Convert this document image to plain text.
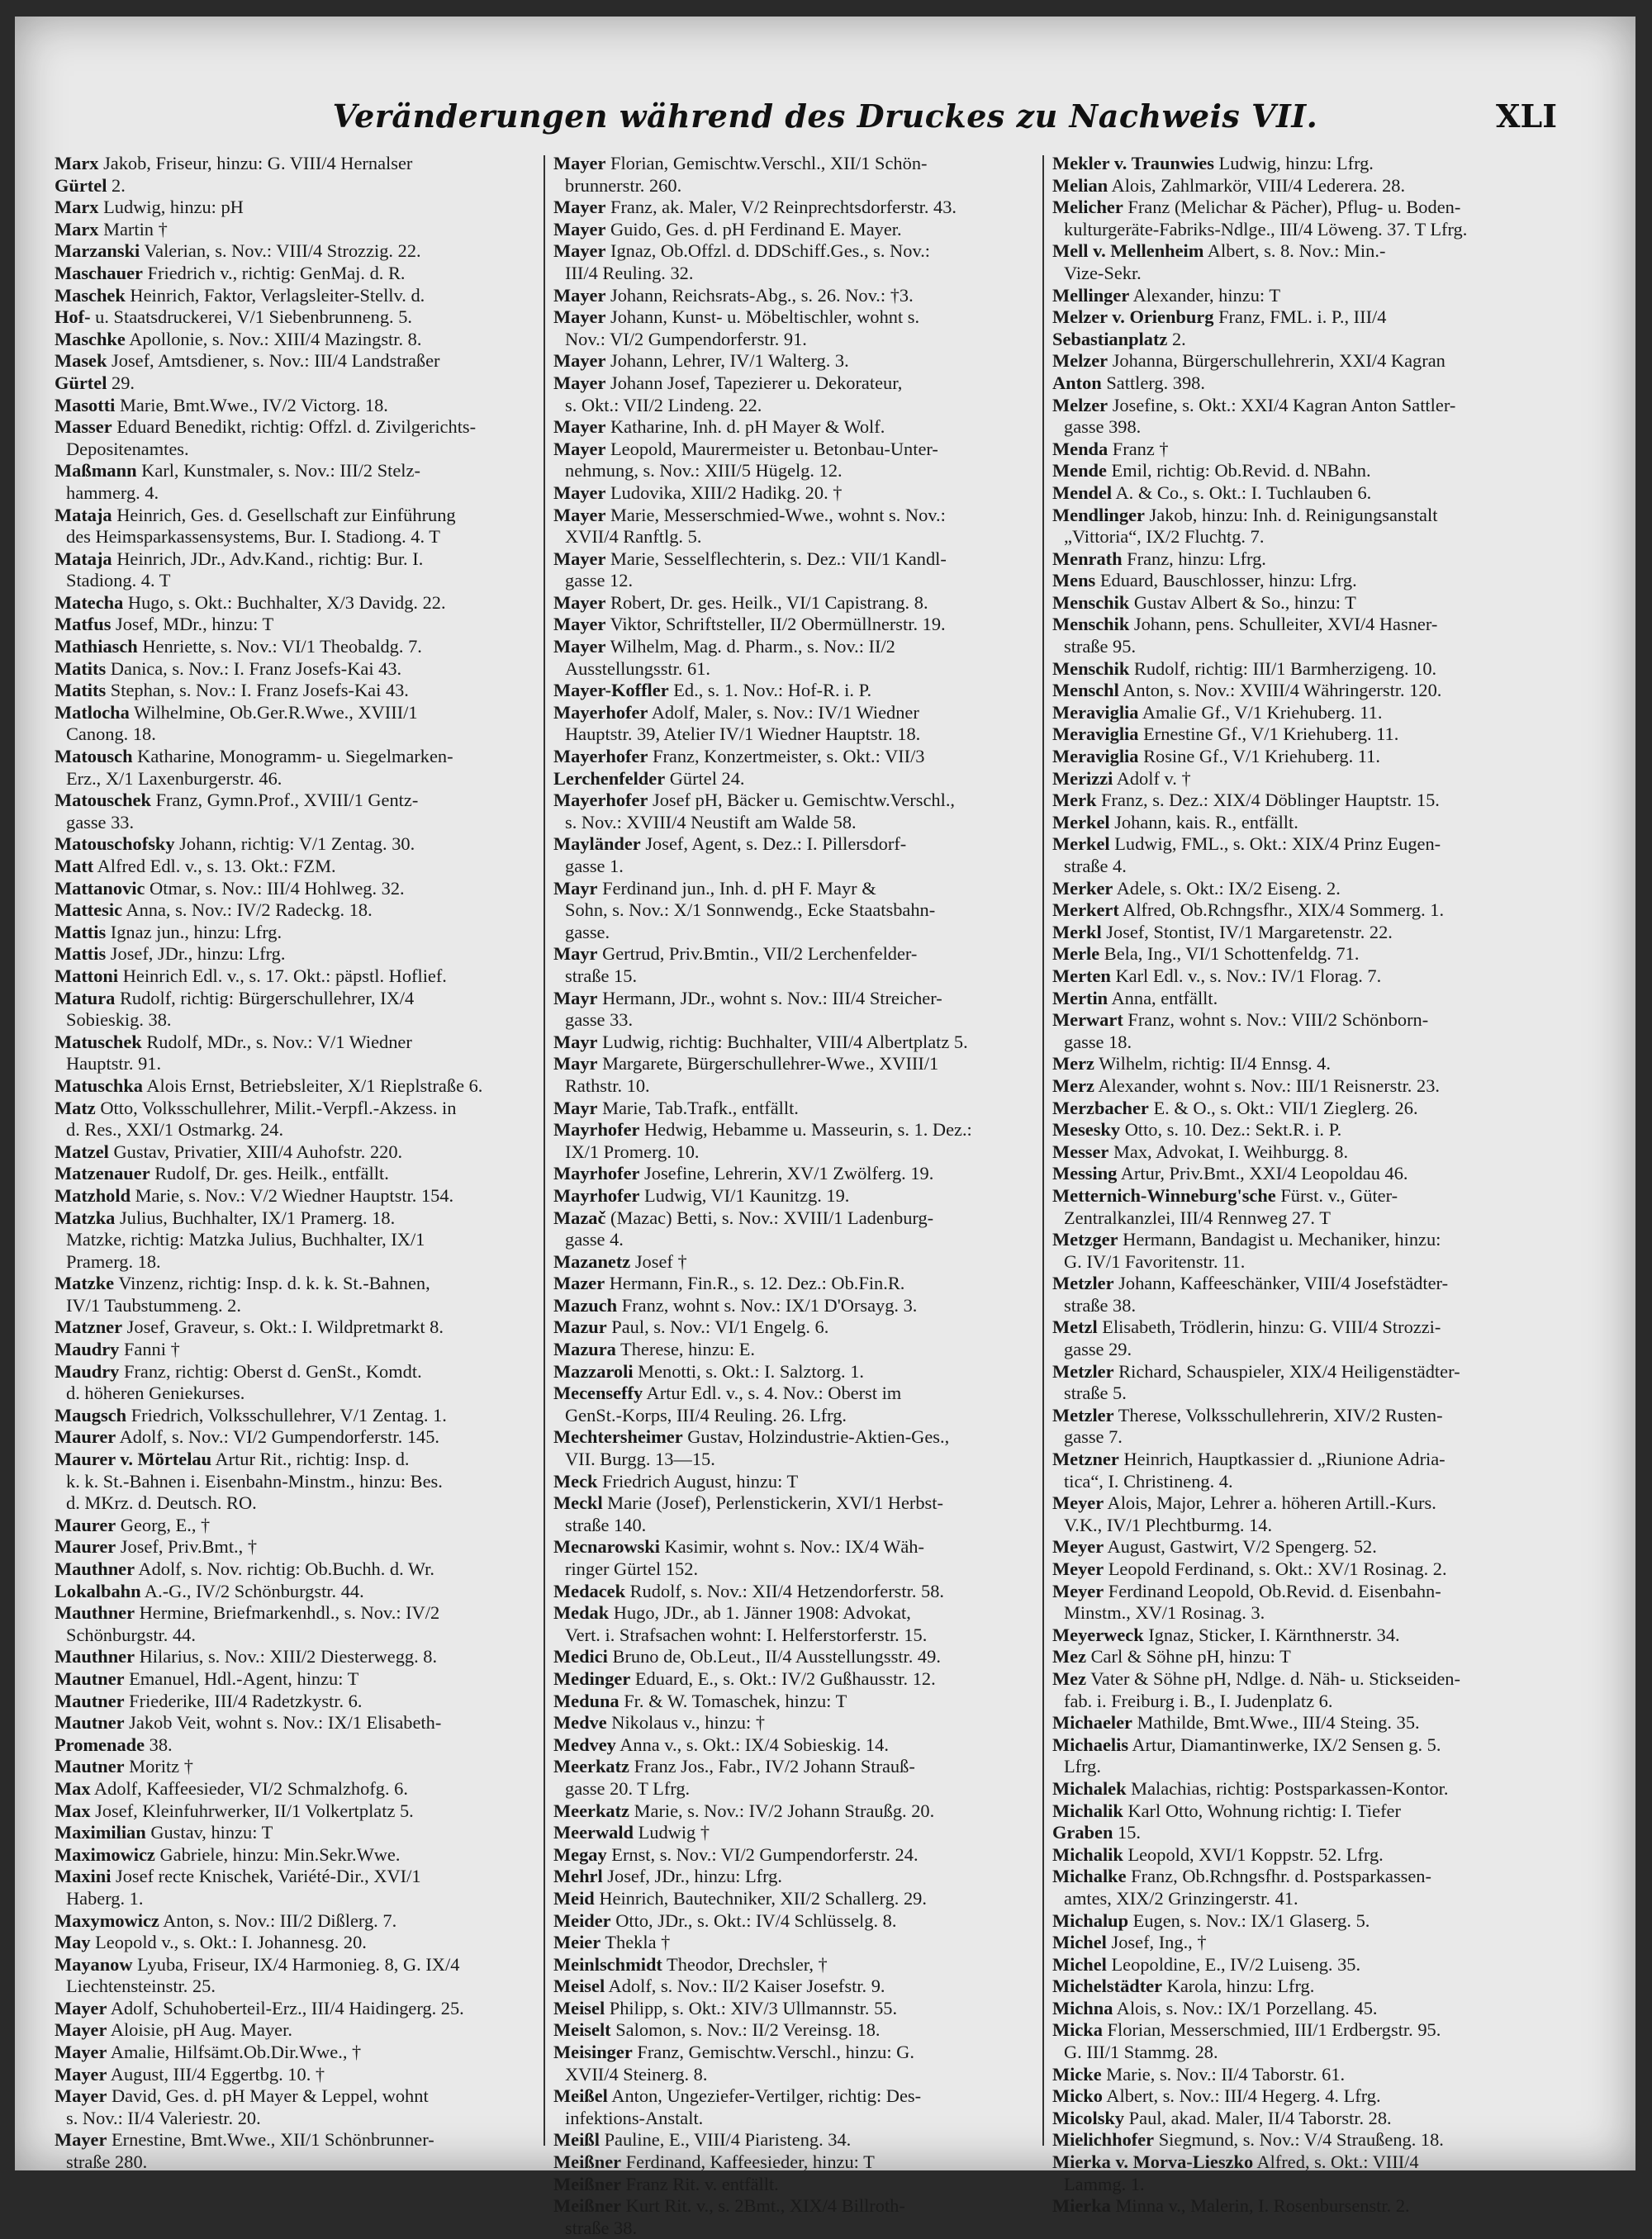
Veränderungen während des Druckes zu Nachweis VII.	XLI
Marx Jakob, Friseur, hinzu: G. VIII/4 Hernalser
Gürtel 2.
Marx Ludwig, hinzu: pH
Marx Martin †
Marzanski Valerian, s. Nov.: VIII/4 Strozzig. 22.
Maschauer Friedrich v., richtig: GenMaj. d. R.
Maschek Heinrich, Faktor, Verlagsleiter-Stellv. d.
Hof- u. Staatsdruckerei, V/1 Siebenbrunneng. 5.
Maschke Apollonie, s. Nov.: XIII/4 Mazingstr. 8.
Masek Josef, Amtsdiener, s. Nov.: III/4 Landstraßer
Gürtel 29.
Masotti Marie, Bmt.Wwe., IV/2 Victorg. 18.
Masser Eduard Benedikt, richtig: Offzl. d. Zivilgerichts-
Depositenamtes.
Maßmann Karl, Kunstmaler, s. Nov.: III/2 Stelz-
hammerg. 4.
Mataja Heinrich, Ges. d. Gesellschaft zur Einführung
des Heimsparkassensystems, Bur. I. Stadiong. 4. T
Mataja Heinrich, JDr., Adv.Kand., richtig: Bur. I.
Stadiong. 4. T
Matecha Hugo, s. Okt.: Buchhalter, X/3 Davidg. 22.
Matfus Josef, MDr., hinzu: T
Mathiasch Henriette, s. Nov.: VI/1 Theobaldg. 7.
Matits Danica, s. Nov.: I. Franz Josefs-Kai 43.
Matits Stephan, s. Nov.: I. Franz Josefs-Kai 43.
Matlocha Wilhelmine, Ob.Ger.R.Wwe., XVIII/1
Canong. 18.
Matousch Katharine, Monogramm- u. Siegelmarken-
Erz., X/1 Laxenburgerstr. 46.
Matouschek Franz, Gymn.Prof., XVIII/1 Gentz-
gasse 33.
Matouschofsky Johann, richtig: V/1 Zentag. 30.
Matt Alfred Edl. v., s. 13. Okt.: FZM.
Mattanovic Otmar, s. Nov.: III/4 Hohlweg. 32.
Mattesic Anna, s. Nov.: IV/2 Radeckg. 18.
Mattis Ignaz jun., hinzu: Lfrg.
Mattis Josef, JDr., hinzu: Lfrg.
Mattoni Heinrich Edl. v., s. 17. Okt.: päpstl. Hoflief.
Matura Rudolf, richtig: Bürgerschullehrer, IX/4
Sobieskig. 38.
Matuschek Rudolf, MDr., s. Nov.: V/1 Wiedner
Hauptstr. 91.
Matuschka Alois Ernst, Betriebsleiter, X/1 Rieplstraße 6.
Matz Otto, Volksschullehrer, Milit.-Verpfl.-Akzess. in
d. Res., XXI/1 Ostmarkg. 24.
Matzel Gustav, Privatier, XIII/4 Auhofstr. 220.
Matzenauer Rudolf, Dr. ges. Heilk., entfällt.
Matzhold Marie, s. Nov.: V/2 Wiedner Hauptstr. 154.
Matzka Julius, Buchhalter, IX/1 Pramerg. 18.
Matzke, richtig: Matzka Julius, Buchhalter, IX/1
Pramerg. 18.
Matzke Vinzenz, richtig: Insp. d. k. k. St.-Bahnen,
IV/1 Taubstummeng. 2.
Matzner Josef, Graveur, s. Okt.: I. Wildpretmarkt 8.
Maudry Fanni †
Maudry Franz, richtig: Oberst d. GenSt., Komdt.
d. höheren Geniekurses.
Maugsch Friedrich, Volksschullehrer, V/1 Zentag. 1.
Maurer Adolf, s. Nov.: VI/2 Gumpendorferstr. 145.
Maurer v. Mörtelau Artur Rit., richtig: Insp. d.
k. k. St.-Bahnen i. Eisenbahn-Minstm., hinzu: Bes.
d. MKrz. d. Deutsch. RO.
Maurer Georg, E., †
Maurer Josef, Priv.Bmt., †
Mauthner Adolf, s. Nov. richtig: Ob.Buchh. d. Wr.
Lokalbahn A.-G., IV/2 Schönburgstr. 44.
Mauthner Hermine, Briefmarkenhdl., s. Nov.: IV/2
Schönburgstr. 44.
Mauthner Hilarius, s. Nov.: XIII/2 Diesterwegg. 8.
Mautner Emanuel, Hdl.-Agent, hinzu: T
Mautner Friederike, III/4 Radetzkystr. 6.
Mautner Jakob Veit, wohnt s. Nov.: IX/1 Elisabeth-
Promenade 38.
Mautner Moritz †
Max Adolf, Kaffeesieder, VI/2 Schmalzhofg. 6.
Max Josef, Kleinfuhrwerker, II/1 Volkertplatz 5.
Maximilian Gustav, hinzu: T
Maximowicz Gabriele, hinzu: Min.Sekr.Wwe.
Maxini Josef recte Knischek, Variété-Dir., XVI/1
Haberg. 1.
Maxymowicz Anton, s. Nov.: III/2 Dißlerg. 7.
May Leopold v., s. Okt.: I. Johannesg. 20.
Mayanow Lyuba, Friseur, IX/4 Harmonieg. 8, G. IX/4
Liechtensteinstr. 25.
Mayer Adolf, Schuhoberteil-Erz., III/4 Haidingerg. 25.
Mayer Aloisie, pH Aug. Mayer.
Mayer Amalie, Hilfsämt.Ob.Dir.Wwe., †
Mayer August, III/4 Eggertbg. 10. †
Mayer David, Ges. d. pH Mayer & Leppel, wohnt
s. Nov.: II/4 Valeriestr. 20.
Mayer Ernestine, Bmt.Wwe., XII/1 Schönbrunner-
straße 280.
Mayer Florian, Gemischtw.Verschl., XII/1 Schön-
brunnerstr. 260.
Mayer Franz, ak. Maler, V/2 Reinprechtsdorferstr. 43.
Mayer Guido, Ges. d. pH Ferdinand E. Mayer.
Mayer Ignaz, Ob.Offzl. d. DDSchiff.Ges., s. Nov.:
III/4 Reuling. 32.
Mayer Johann, Reichsrats-Abg., s. 26. Nov.: †3.
Mayer Johann, Kunst- u. Möbeltischler, wohnt s.
Nov.: VI/2 Gumpendorferstr. 91.
Mayer Johann, Lehrer, IV/1 Walterg. 3.
Mayer Johann Josef, Tapezierer u. Dekorateur,
s. Okt.: VII/2 Lindeng. 22.
Mayer Katharine, Inh. d. pH Mayer & Wolf.
Mayer Leopold, Maurermeister u. Betonbau-Unter-
nehmung, s. Nov.: XIII/5 Hügelg. 12.
Mayer Ludovika, XIII/2 Hadikg. 20. †
Mayer Marie, Messerschmied-Wwe., wohnt s. Nov.:
XVII/4 Ranftlg. 5.
Mayer Marie, Sesselflechterin, s. Dez.: VII/1 Kandl-
gasse 12.
Mayer Robert, Dr. ges. Heilk., VI/1 Capistrang. 8.
Mayer Viktor, Schriftsteller, II/2 Obermüllnerstr. 19.
Mayer Wilhelm, Mag. d. Pharm., s. Nov.: II/2
Ausstellungsstr. 61.
Mayer-Koffler Ed., s. 1. Nov.: Hof-R. i. P.
Mayerhofer Adolf, Maler, s. Nov.: IV/1 Wiedner
Hauptstr. 39, Atelier IV/1 Wiedner Hauptstr. 18.
Mayerhofer Franz, Konzertmeister, s. Okt.: VII/3
Lerchenfelder Gürtel 24.
Mayerhofer Josef pH, Bäcker u. Gemischtw.Verschl.,
s. Nov.: XVIII/4 Neustift am Walde 58.
Mayländer Josef, Agent, s. Dez.: I. Pillersdorf-
gasse 1.
Mayr Ferdinand jun., Inh. d. pH F. Mayr &
Sohn, s. Nov.: X/1 Sonnwendg., Ecke Staatsbahn-
gasse.
Mayr Gertrud, Priv.Bmtin., VII/2 Lerchenfelder-
straße 15.
Mayr Hermann, JDr., wohnt s. Nov.: III/4 Streicher-
gasse 33.
Mayr Ludwig, richtig: Buchhalter, VIII/4 Albertplatz 5.
Mayr Margarete, Bürgerschullehrer-Wwe., XVIII/1
Rathstr. 10.
Mayr Marie, Tab.Trafk., entfällt.
Mayrhofer Hedwig, Hebamme u. Masseurin, s. 1. Dez.:
IX/1 Promerg. 10.
Mayrhofer Josefine, Lehrerin, XV/1 Zwölferg. 19.
Mayrhofer Ludwig, VI/1 Kaunitzg. 19.
Mazač (Mazac) Betti, s. Nov.: XVIII/1 Ladenburg-
gasse 4.
Mazanetz Josef †
Mazer Hermann, Fin.R., s. 12. Dez.: Ob.Fin.R.
Mazuch Franz, wohnt s. Nov.: IX/1 D'Orsayg. 3.
Mazur Paul, s. Nov.: VI/1 Engelg. 6.
Mazura Therese, hinzu: E.
Mazzaroli Menotti, s. Okt.: I. Salztorg. 1.
Mecenseffy Artur Edl. v., s. 4. Nov.: Oberst im
GenSt.-Korps, III/4 Reuling. 26. Lfrg.
Mechtersheimer Gustav, Holzindustrie-Aktien-Ges.,
VII. Burgg. 13—15.
Meck Friedrich August, hinzu: T
Meckl Marie (Josef), Perlenstickerin, XVI/1 Herbst-
straße 140.
Mecnarowski Kasimir, wohnt s. Nov.: IX/4 Wäh-
ringer Gürtel 152.
Medacek Rudolf, s. Nov.: XII/4 Hetzendorferstr. 58.
Medak Hugo, JDr., ab 1. Jänner 1908: Advokat,
Vert. i. Strafsachen wohnt: I. Helferstorferstr. 15.
Medici Bruno de, Ob.Leut., II/4 Ausstellungsstr. 49.
Medinger Eduard, E., s. Okt.: IV/2 Gußhausstr. 12.
Meduna Fr. & W. Tomaschek, hinzu: T
Medve Nikolaus v., hinzu: †
Medvey Anna v., s. Okt.: IX/4 Sobieskig. 14.
Meerkatz Franz Jos., Fabr., IV/2 Johann Strauß-
gasse 20. T Lfrg.
Meerkatz Marie, s. Nov.: IV/2 Johann Straußg. 20.
Meerwald Ludwig †
Megay Ernst, s. Nov.: VI/2 Gumpendorferstr. 24.
Mehrl Josef, JDr., hinzu: Lfrg.
Meid Heinrich, Bautechniker, XII/2 Schallerg. 29.
Meider Otto, JDr., s. Okt.: IV/4 Schlüsselg. 8.
Meier Thekla †
Meinlschmidt Theodor, Drechsler, †
Meisel Adolf, s. Nov.: II/2 Kaiser Josefstr. 9.
Meisel Philipp, s. Okt.: XIV/3 Ullmannstr. 55.
Meiselt Salomon, s. Nov.: II/2 Vereinsg. 18.
Meisinger Franz, Gemischtw.Verschl., hinzu: G.
XVII/4 Steinerg. 8.
Meißel Anton, Ungeziefer-Vertilger, richtig: Des-
infektions-Anstalt.
Meißl Pauline, E., VIII/4 Piaristeng. 34.
Meißner Ferdinand, Kaffeesieder, hinzu: T
Meißner Franz Rit. v. entfällt.
Meißner Kurt Rit. v., s. 2Bmt., XIX/4 Billroth-
straße 38.
Mekler v. Traunwies Ludwig, hinzu: Lfrg.
Melian Alois, Zahlmarkör, VIII/4 Lederera. 28.
Melicher Franz (Melichar & Pächer), Pflug- u. Boden-
kulturgeräte-Fabriks-Ndlge., III/4 Löweng. 37. T Lfrg.
Mell v. Mellenheim Albert, s. 8. Nov.: Min.-
Vize-Sekr.
Mellinger Alexander, hinzu: T
Melzer v. Orienburg Franz, FML. i. P., III/4
Sebastianplatz 2.
Melzer Johanna, Bürgerschullehrerin, XXI/4 Kagran
Anton Sattlerg. 398.
Melzer Josefine, s. Okt.: XXI/4 Kagran Anton Sattler-
gasse 398.
Menda Franz †
Mende Emil, richtig: Ob.Revid. d. NBahn.
Mendel A. & Co., s. Okt.: I. Tuchlauben 6.
Mendlinger Jakob, hinzu: Inh. d. Reinigungsanstalt
„Vittoria“, IX/2 Fluchtg. 7.
Menrath Franz, hinzu: Lfrg.
Mens Eduard, Bauschlosser, hinzu: Lfrg.
Menschik Gustav Albert & So., hinzu: T
Menschik Johann, pens. Schulleiter, XVI/4 Hasner-
straße 95.
Menschik Rudolf, richtig: III/1 Barmherzigeng. 10.
Menschl Anton, s. Nov.: XVIII/4 Währingerstr. 120.
Meraviglia Amalie Gf., V/1 Kriehuberg. 11.
Meraviglia Ernestine Gf., V/1 Kriehuberg. 11.
Meraviglia Rosine Gf., V/1 Kriehuberg. 11.
Merizzi Adolf v. †
Merk Franz, s. Dez.: XIX/4 Döblinger Hauptstr. 15.
Merkel Johann, kais. R., entfällt.
Merkel Ludwig, FML., s. Okt.: XIX/4 Prinz Eugen-
straße 4.
Merker Adele, s. Okt.: IX/2 Eiseng. 2.
Merkert Alfred, Ob.Rchngsfhr., XIX/4 Sommerg. 1.
Merkl Josef, Stontist, IV/1 Margaretenstr. 22.
Merle Bela, Ing., VI/1 Schottenfeldg. 71.
Merten Karl Edl. v., s. Nov.: IV/1 Florag. 7.
Mertin Anna, entfällt.
Merwart Franz, wohnt s. Nov.: VIII/2 Schönborn-
gasse 18.
Merz Wilhelm, richtig: II/4 Ennsg. 4.
Merz Alexander, wohnt s. Nov.: III/1 Reisnerstr. 23.
Merzbacher E. & O., s. Okt.: VII/1 Zieglerg. 26.
Mesesky Otto, s. 10. Dez.: Sekt.R. i. P.
Messer Max, Advokat, I. Weihburgg. 8.
Messing Artur, Priv.Bmt., XXI/4 Leopoldau 46.
Metternich-Winneburg'sche Fürst. v., Güter-
Zentralkanzlei, III/4 Rennweg 27. T
Metzger Hermann, Bandagist u. Mechaniker, hinzu:
G. IV/1 Favoritenstr. 11.
Metzler Johann, Kaffeeschänker, VIII/4 Josefstädter-
straße 38.
Metzl Elisabeth, Trödlerin, hinzu: G. VIII/4 Strozzi-
gasse 29.
Metzler Richard, Schauspieler, XIX/4 Heiligenstädter-
straße 5.
Metzler Therese, Volksschullehrerin, XIV/2 Rusten-
gasse 7.
Metzner Heinrich, Hauptkassier d. „Riunione Adria-
tica“, I. Christineng. 4.
Meyer Alois, Major, Lehrer a. höheren Artill.-Kurs.
V.K., IV/1 Plechtburmg. 14.
Meyer August, Gastwirt, V/2 Spengerg. 52.
Meyer Leopold Ferdinand, s. Okt.: XV/1 Rosinag. 2.
Meyer Ferdinand Leopold, Ob.Revid. d. Eisenbahn-
Minstm., XV/1 Rosinag. 3.
Meyerweck Ignaz, Sticker, I. Kärnthnerstr. 34.
Mez Carl & Söhne pH, hinzu: T
Mez Vater & Söhne pH, Ndlge. d. Näh- u. Stickseiden-
fab. i. Freiburg i. B., I. Judenplatz 6.
Michaeler Mathilde, Bmt.Wwe., III/4 Steing. 35.
Michaelis Artur, Diamantinwerke, IX/2 Sensen g. 5.
Lfrg.
Michalek Malachias, richtig: Postsparkassen-Kontor.
Michalik Karl Otto, Wohnung richtig: I. Tiefer
Graben 15.
Michalik Leopold, XVI/1 Koppstr. 52. Lfrg.
Michalke Franz, Ob.Rchngsfhr. d. Postsparkassen-
amtes, XIX/2 Grinzingerstr. 41.
Michalup Eugen, s. Nov.: IX/1 Glaserg. 5.
Michel Josef, Ing., †
Michel Leopoldine, E., IV/2 Luiseng. 35.
Michelstädter Karola, hinzu: Lfrg.
Michna Alois, s. Nov.: IX/1 Porzellang. 45.
Micka Florian, Messerschmied, III/1 Erdbergstr. 95.
G. III/1 Stammg. 28.
Micke Marie, s. Nov.: II/4 Taborstr. 61.
Micko Albert, s. Nov.: III/4 Hegerg. 4. Lfrg.
Micolsky Paul, akad. Maler, II/4 Taborstr. 28.
Mielichhofer Siegmund, s. Nov.: V/4 Straußeng. 18.
Mierka v. Morva-Lieszko Alfred, s. Okt.: VIII/4
Lammg. 1.
Mierka Minna v., Malerin, I. Rosenbursenstr. 2.
